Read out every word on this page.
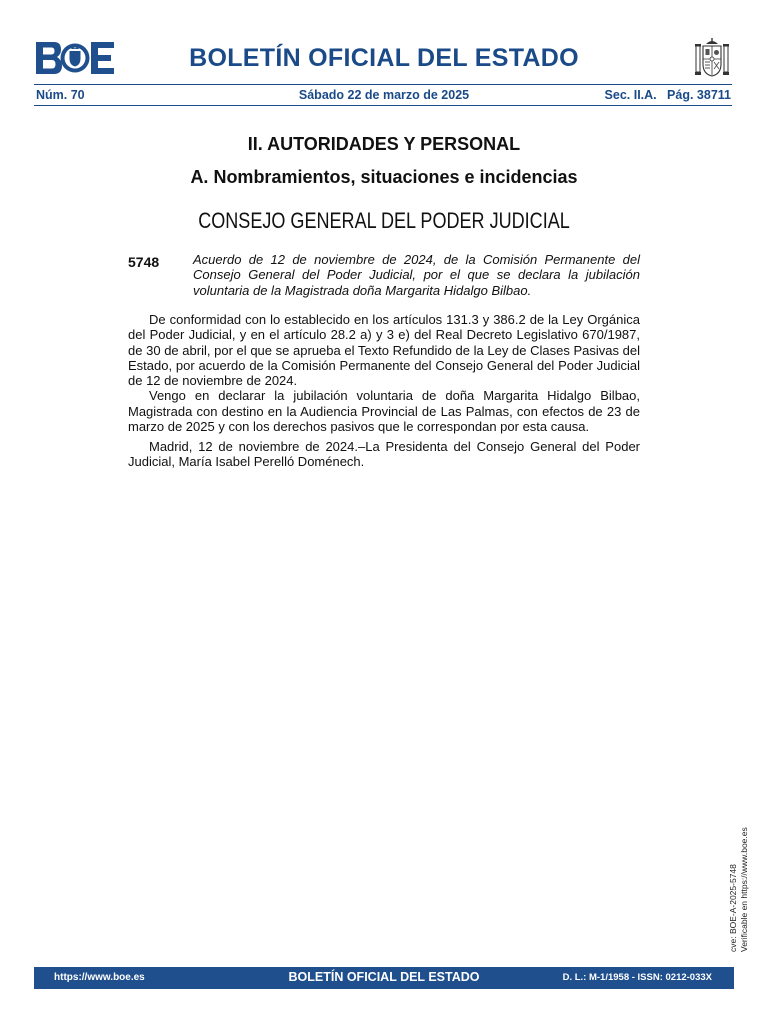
BOLETÍN OFICIAL DEL ESTADO
Núm. 70	Sábado 22 de marzo de 2025	Sec. II.A.   Pág. 38711
II. AUTORIDADES Y PERSONAL
A. Nombramientos, situaciones e incidencias
CONSEJO GENERAL DEL PODER JUDICIAL
5748	Acuerdo de 12 de noviembre de 2024, de la Comisión Permanente del Consejo General del Poder Judicial, por el que se declara la jubilación voluntaria de la Magistrada doña Margarita Hidalgo Bilbao.

De conformidad con lo establecido en los artículos 131.3 y 386.2 de la Ley Orgánica del Poder Judicial, y en el artículo 28.2 a) y 3 e) del Real Decreto Legislativo 670/1987, de 30 de abril, por el que se aprueba el Texto Refundido de la Ley de Clases Pasivas del Estado, por acuerdo de la Comisión Permanente del Consejo General del Poder Judicial de 12 de noviembre de 2024.

Vengo en declarar la jubilación voluntaria de doña Margarita Hidalgo Bilbao, Magistrada con destino en la Audiencia Provincial de Las Palmas, con efectos de 23 de marzo de 2025 y con los derechos pasivos que le correspondan por esta causa.

Madrid, 12 de noviembre de 2024.–La Presidenta del Consejo General del Poder Judicial, María Isabel Perelló Doménech.

cve: BOE-A-2025-5748 Verificable en https://www.boe.es
https://www.boe.es	BOLETÍN OFICIAL DEL ESTADO	D. L.: M-1/1958 - ISSN: 0212-033X
